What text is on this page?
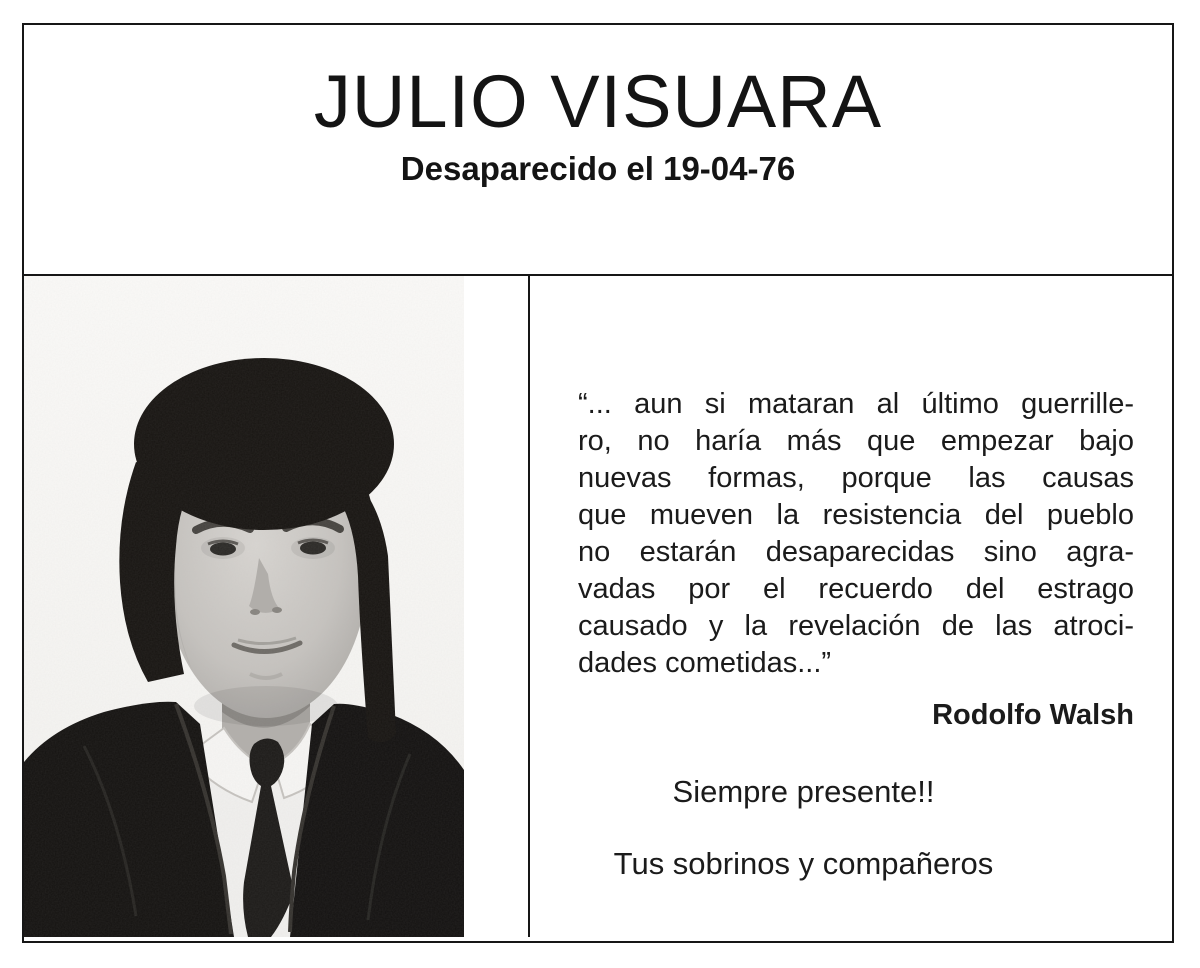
JULIO VISUARA
Desaparecido el 19-04-76
“... aun si mataran al último guerrille-
ro, no haría más que empezar bajo
nuevas formas, porque las causas
que mueven la resistencia del pueblo
no estarán desaparecidas sino agra-
vadas por el recuerdo del estrago
causado y la revelación de las atroci-
dades cometidas...”
Rodolfo Walsh
Siempre presente!!
Tus sobrinos y compañeros
